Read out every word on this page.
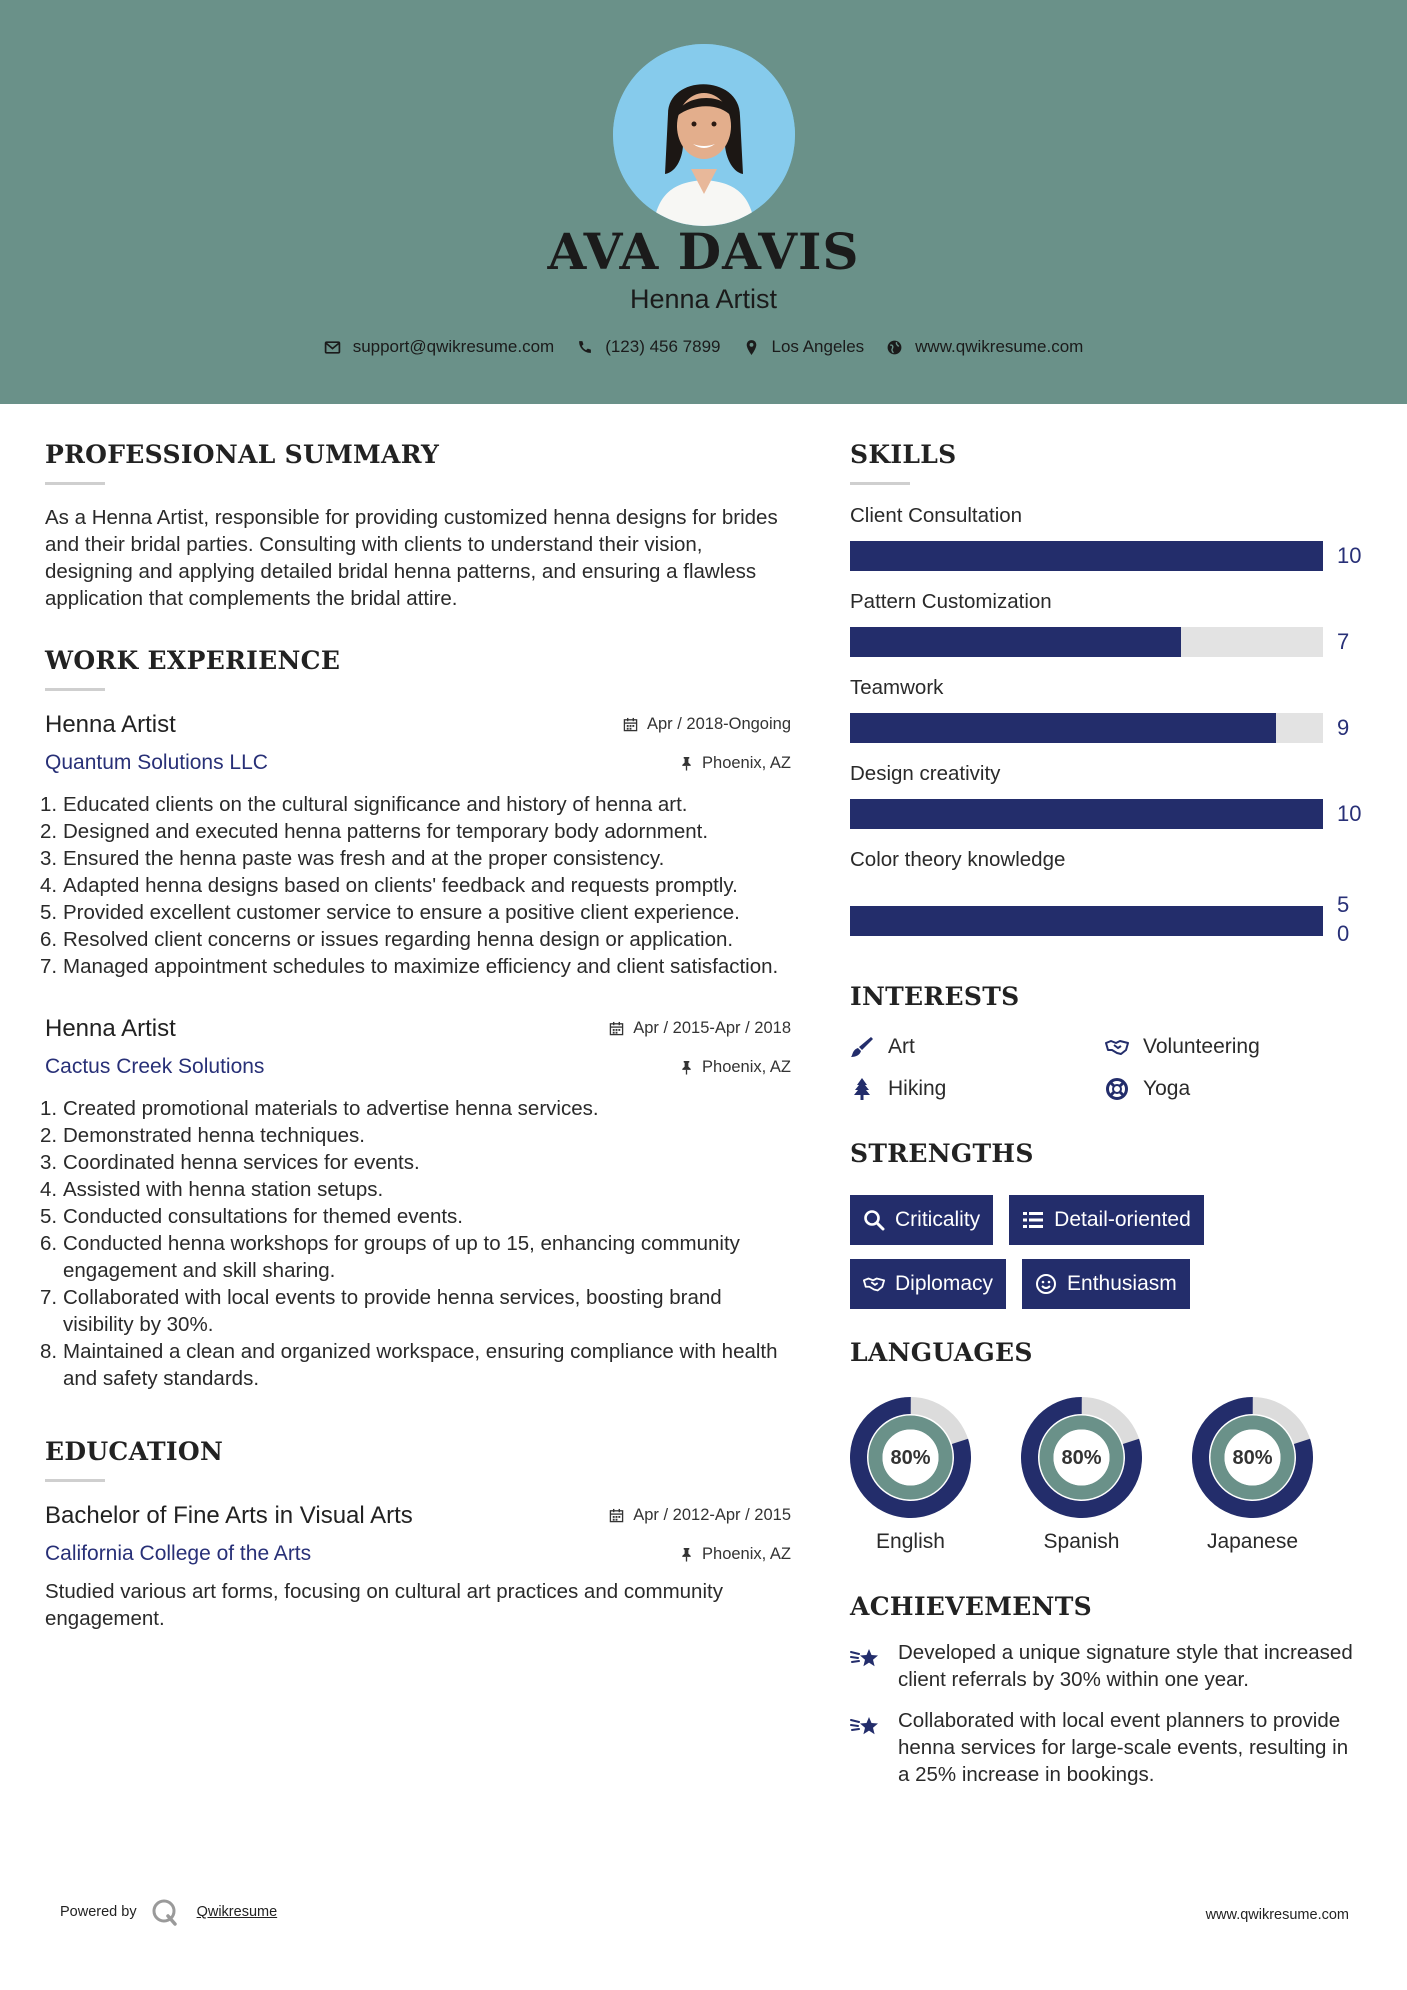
AVA DAVIS
Henna Artist
support@qwikresume.com	(123) 456 7899	Los Angeles	www.qwikresume.com
PROFESSIONAL SUMMARY
As a Henna Artist, responsible for providing customized henna designs for brides and their bridal parties. Consulting with clients to understand their vision, designing and applying detailed bridal henna patterns, and ensuring a flawless application that complements the bridal attire.
WORK EXPERIENCE
Henna Artist	Apr / 2018-Ongoing
Quantum Solutions LLC	Phoenix, AZ
1. Educated clients on the cultural significance and history of henna art.
2. Designed and executed henna patterns for temporary body adornment.
3. Ensured the henna paste was fresh and at the proper consistency.
4. Adapted henna designs based on clients' feedback and requests promptly.
5. Provided excellent customer service to ensure a positive client experience.
6. Resolved client concerns or issues regarding henna design or application.
7. Managed appointment schedules to maximize efficiency and client satisfaction.
Henna Artist	Apr / 2015-Apr / 2018
Cactus Creek Solutions	Phoenix, AZ
1. Created promotional materials to advertise henna services.
2. Demonstrated henna techniques.
3. Coordinated henna services for events.
4. Assisted with henna station setups.
5. Conducted consultations for themed events.
6. Conducted henna workshops for groups of up to 15, enhancing community engagement and skill sharing.
7. Collaborated with local events to provide henna services, boosting brand visibility by 30%.
8. Maintained a clean and organized workspace, ensuring compliance with health and safety standards.
EDUCATION
Bachelor of Fine Arts in Visual Arts	Apr / 2012-Apr / 2015
California College of the Arts	Phoenix, AZ
Studied various art forms, focusing on cultural art practices and community engagement.
SKILLS
Client Consultation
10
Pattern Customization
7
Teamwork
9
Design creativity
10
Color theory knowledge
5
0
INTERESTS
Art	Volunteering
Hiking	Yoga
STRENGTHS
Criticality	Detail-oriented
Diplomacy	Enthusiasm
LANGUAGES
80%
English
80%
Spanish
80%
Japanese
ACHIEVEMENTS
Developed a unique signature style that increased client referrals by 30% within one year.
Collaborated with local event planners to provide henna services for large-scale events, resulting in a 25% increase in bookings.
Powered by	Qwikresume	www.qwikresume.com
